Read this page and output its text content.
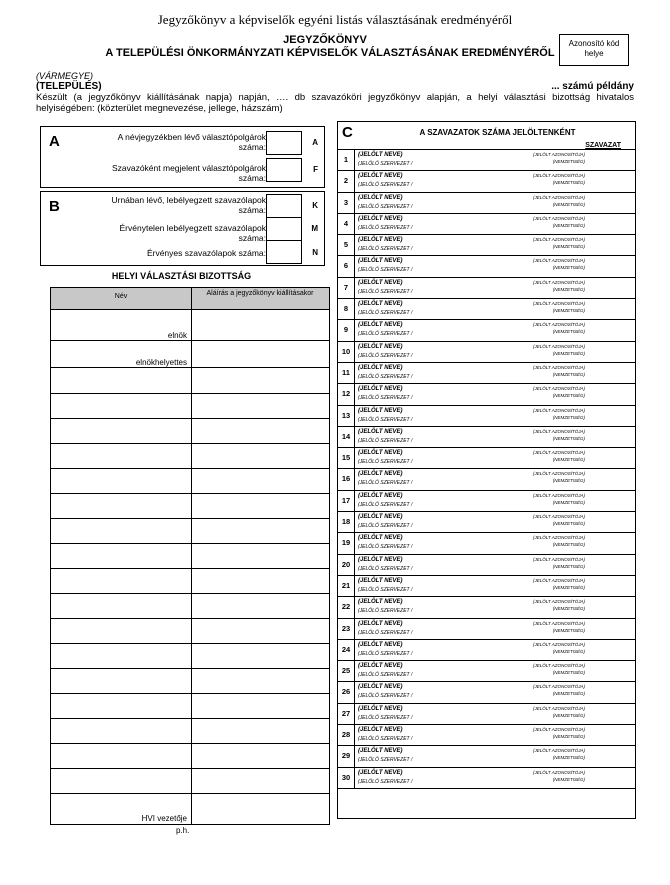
Jegyzőkönyv a képviselők egyéni listás választásának eredményéről
JEGYZŐKÖNYV
A TELEPÜLÉSI ÖNKORMÁNYZATI KÉPVISELŐK VÁLASZTÁSÁNAK EREDMÉNYÉRŐL
Azonosító kód helye
(VÁRMEGYE)
(TELEPÜLÉS)	... számú példány
Készült (a jegyzőkönyv kiállításának napja) napján, …. db szavazóköri jegyzőkönyv alapján, a helyi választási bizottság hivatalos helyiségében: (közterület megnevezése, jellege, házszám)
A	A névjegyzékben lévő választópolgárok száma:	A
Szavazóként megjelent választópolgárok száma:
F
B	Urnában lévő, lebélyegzett szavazólapok száma:	K
Érvénytelen lebélyegzett szavazólapok száma:
M
Érvényes szavazólapok száma:	N
HELYI VÁLASZTÁSI BIZOTTSÁG
Név	Aláírás a jegyzőkönyv kiállításakor
elnök
elnökhelyettes
HVI vezetője
p.h.
C	A SZAVAZATOK SZÁMA JELÖLTENKÉNT
SZAVAZAT
1	(JELÖLT NEVE)
(JELÖLŐ SZERVEZET /
(JELÖLT AZONOSÍTÓJA)
(NEMZETISÉG)
2	(JELÖLT NEVE)
(JELÖLŐ SZERVEZET /
(JELÖLT AZONOSÍTÓJA)
(NEMZETISÉG)
3	(JELÖLT NEVE)
(JELÖLŐ SZERVEZET /
(JELÖLT AZONOSÍTÓJA)
(NEMZETISÉG)
4	(JELÖLT NEVE)
(JELÖLŐ SZERVEZET /
(JELÖLT AZONOSÍTÓJA)
(NEMZETISÉG)
5	(JELÖLT NEVE)
(JELÖLŐ SZERVEZET /
(JELÖLT AZONOSÍTÓJA)
(NEMZETISÉG)
6	(JELÖLT NEVE)
(JELÖLŐ SZERVEZET /
(JELÖLT AZONOSÍTÓJA)
(NEMZETISÉG)
7	(JELÖLT NEVE)
(JELÖLŐ SZERVEZET /
(JELÖLT AZONOSÍTÓJA)
(NEMZETISÉG)
8	(JELÖLT NEVE)
(JELÖLŐ SZERVEZET /
(JELÖLT AZONOSÍTÓJA)
(NEMZETISÉG)
9	(JELÖLT NEVE)
(JELÖLŐ SZERVEZET /
(JELÖLT AZONOSÍTÓJA)
(NEMZETISÉG)
10	(JELÖLT NEVE)
(JELÖLŐ SZERVEZET /
(JELÖLT AZONOSÍTÓJA)
(NEMZETISÉG)
11	(JELÖLT NEVE)
(JELÖLŐ SZERVEZET /
(JELÖLT AZONOSÍTÓJA)
(NEMZETISÉG)
12	(JELÖLT NEVE)
(JELÖLŐ SZERVEZET /
(JELÖLT AZONOSÍTÓJA)
(NEMZETISÉG)
13	(JELÖLT NEVE)
(JELÖLŐ SZERVEZET /
(JELÖLT AZONOSÍTÓJA)
(NEMZETISÉG)
14	(JELÖLT NEVE)
(JELÖLŐ SZERVEZET /
(JELÖLT AZONOSÍTÓJA)
(NEMZETISÉG)
15	(JELÖLT NEVE)
(JELÖLŐ SZERVEZET /
(JELÖLT AZONOSÍTÓJA)
(NEMZETISÉG)
16	(JELÖLT NEVE)
(JELÖLŐ SZERVEZET /
(JELÖLT AZONOSÍTÓJA)
(NEMZETISÉG)
17	(JELÖLT NEVE)
(JELÖLŐ SZERVEZET /
(JELÖLT AZONOSÍTÓJA)
(NEMZETISÉG)
18	(JELÖLT NEVE)
(JELÖLŐ SZERVEZET /
(JELÖLT AZONOSÍTÓJA)
(NEMZETISÉG)
19	(JELÖLT NEVE)
(JELÖLŐ SZERVEZET /
(JELÖLT AZONOSÍTÓJA)
(NEMZETISÉG)
20	(JELÖLT NEVE)
(JELÖLŐ SZERVEZET /
(JELÖLT AZONOSÍTÓJA)
(NEMZETISÉG)
21	(JELÖLT NEVE)
(JELÖLŐ SZERVEZET /
(JELÖLT AZONOSÍTÓJA)
(NEMZETISÉG)
22	(JELÖLT NEVE)
(JELÖLŐ SZERVEZET /
(JELÖLT AZONOSÍTÓJA)
(NEMZETISÉG)
23	(JELÖLT NEVE)
(JELÖLŐ SZERVEZET /
(JELÖLT AZONOSÍTÓJA)
(NEMZETISÉG)
24	(JELÖLT NEVE)
(JELÖLŐ SZERVEZET /
(JELÖLT AZONOSÍTÓJA)
(NEMZETISÉG)
25	(JELÖLT NEVE)
(JELÖLŐ SZERVEZET /
(JELÖLT AZONOSÍTÓJA)
(NEMZETISÉG)
26	(JELÖLT NEVE)
(JELÖLŐ SZERVEZET /
(JELÖLT AZONOSÍTÓJA)
(NEMZETISÉG)
27	(JELÖLT NEVE)
(JELÖLŐ SZERVEZET /
(JELÖLT AZONOSÍTÓJA)
(NEMZETISÉG)
28	(JELÖLT NEVE)
(JELÖLŐ SZERVEZET /
(JELÖLT AZONOSÍTÓJA)
(NEMZETISÉG)
29	(JELÖLT NEVE)
(JELÖLŐ SZERVEZET /
(JELÖLT AZONOSÍTÓJA)
(NEMZETISÉG)
30	(JELÖLT NEVE)
(JELÖLŐ SZERVEZET /
(JELÖLT AZONOSÍTÓJA)
(NEMZETISÉG)
